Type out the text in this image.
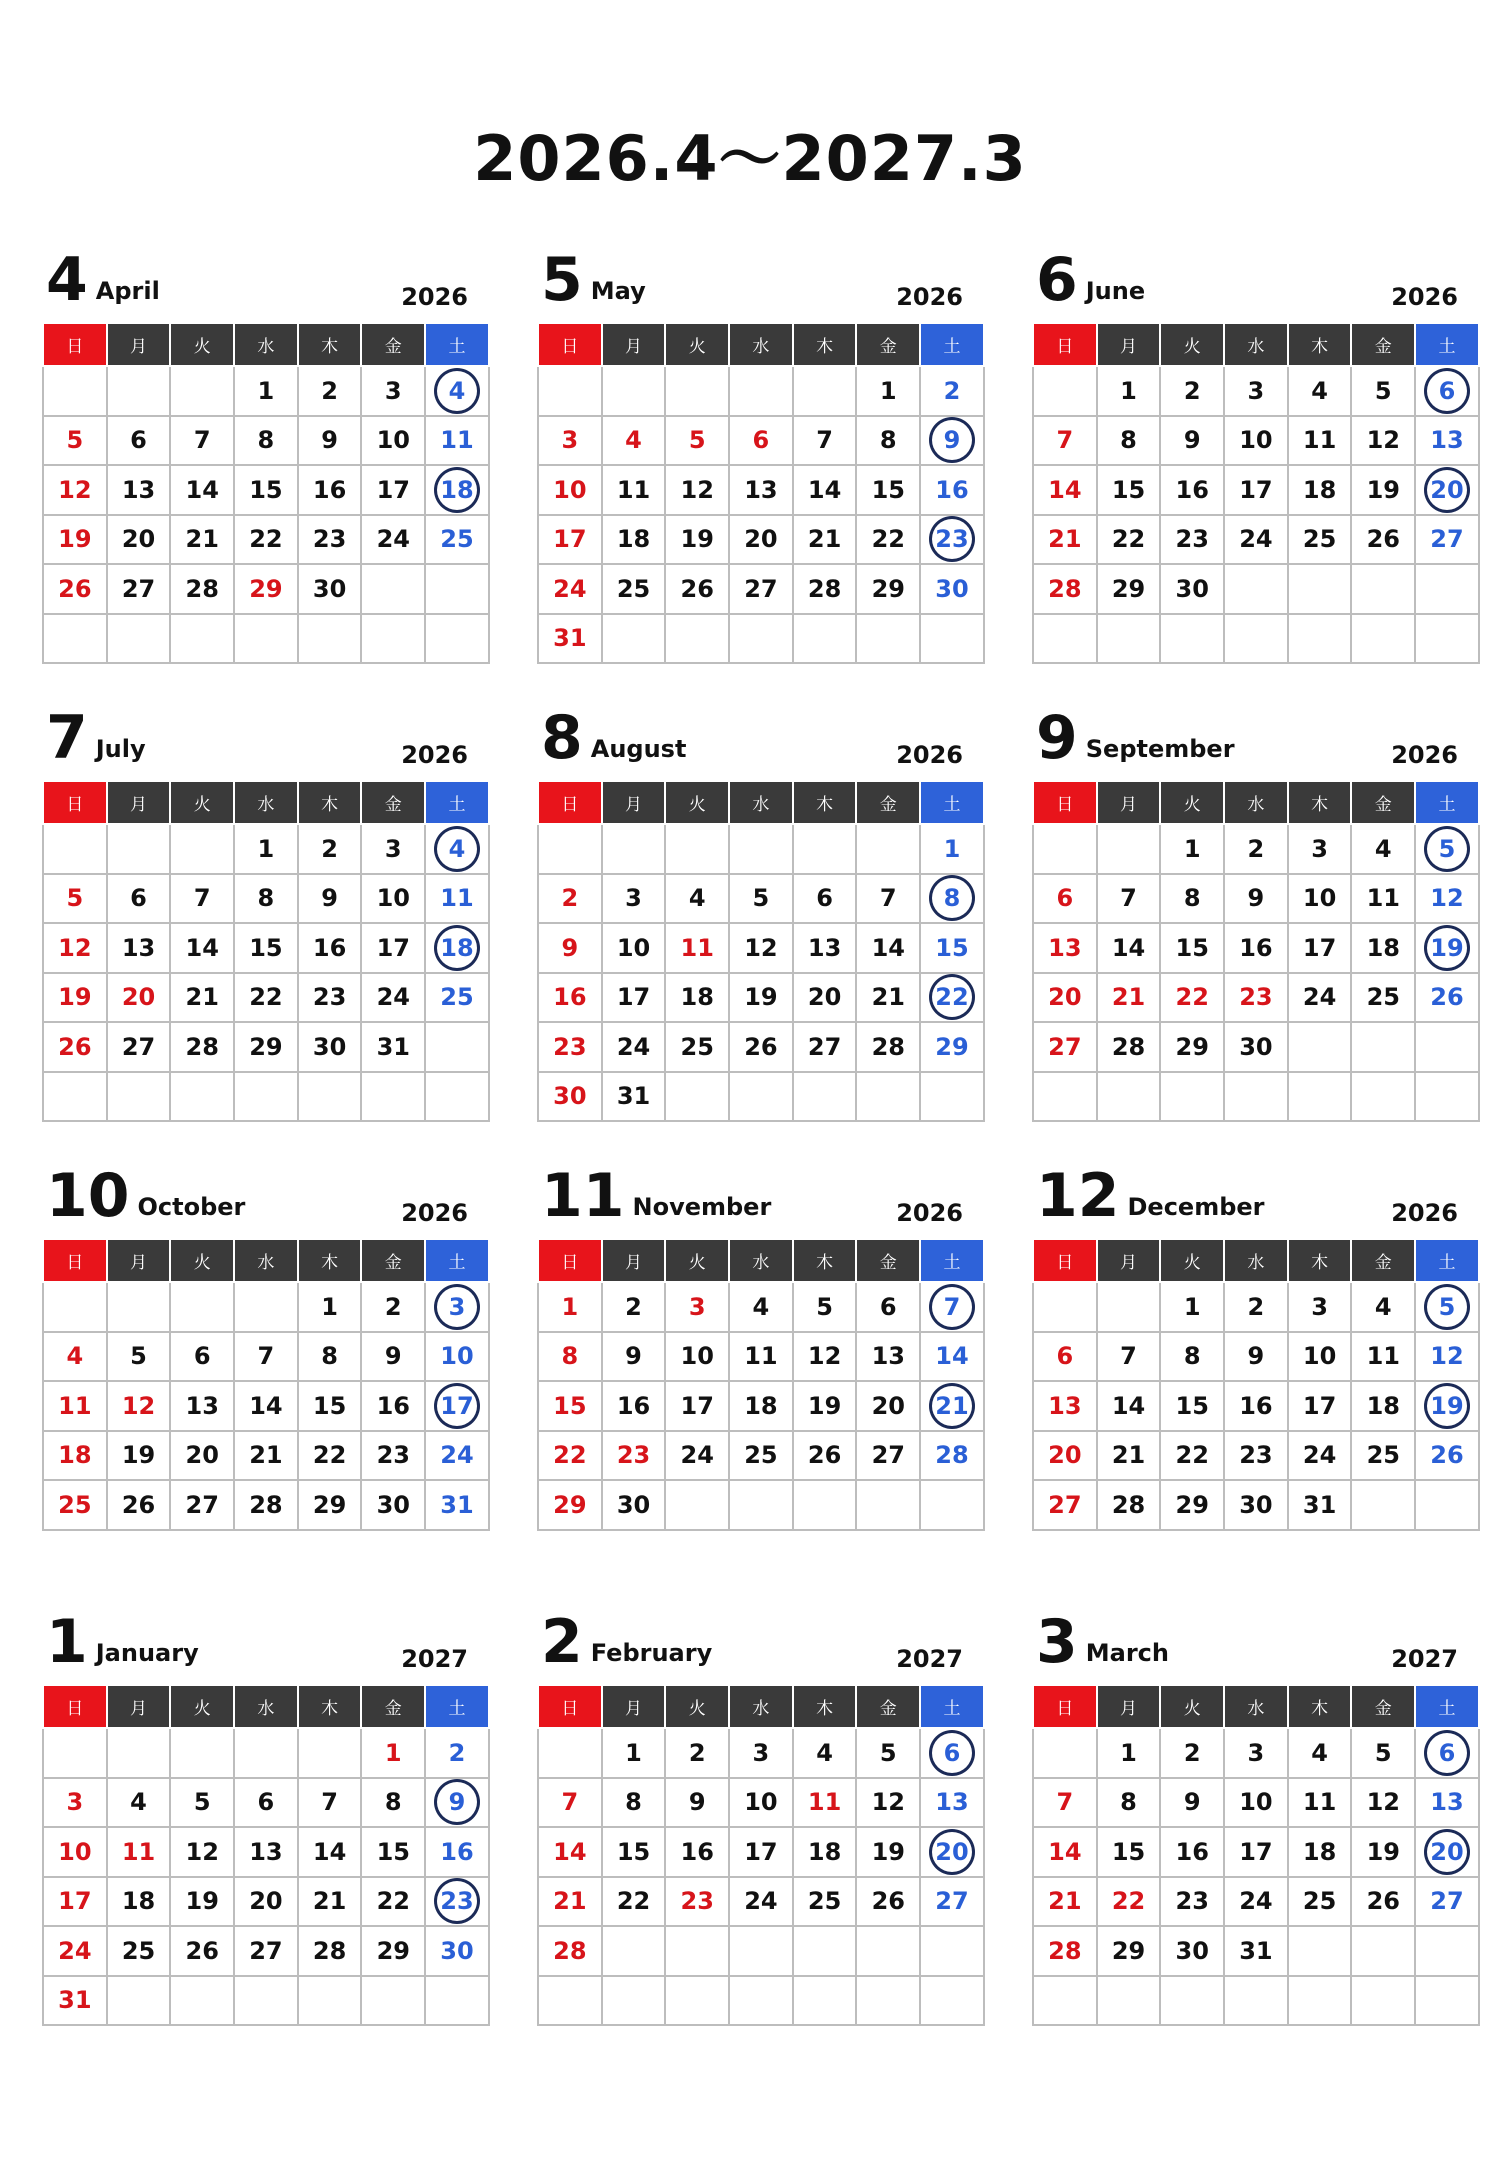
2026.4～2027.3
4 April	2026
日	月	火	水	木	金	土
			1	2	3	4
5	6	7	8	9	10	11
12	13	14	15	16	17	18
19	20	21	22	23	24	25
26	27	28	29	30		

5 May	2026
日	月	火	水	木	金	土
					1	2
3	4	5	6	7	8	9
10	11	12	13	14	15	16
17	18	19	20	21	22	23
24	25	26	27	28	29	30
31						
6 June	2026
日	月	火	水	木	金	土
	1	2	3	4	5	6
7	8	9	10	11	12	13
14	15	16	17	18	19	20
21	22	23	24	25	26	27
28	29	30				

7 July	2026
日	月	火	水	木	金	土
			1	2	3	4
5	6	7	8	9	10	11
12	13	14	15	16	17	18
19	20	21	22	23	24	25
26	27	28	29	30	31	

8 August	2026
日	月	火	水	木	金	土
						1
2	3	4	5	6	7	8
9	10	11	12	13	14	15
16	17	18	19	20	21	22
23	24	25	26	27	28	29
30	31					
9 September	2026
日	月	火	水	木	金	土
		1	2	3	4	5
6	7	8	9	10	11	12
13	14	15	16	17	18	19
20	21	22	23	24	25	26
27	28	29	30			

10 October	2026
日	月	火	水	木	金	土
				1	2	3
4	5	6	7	8	9	10
11	12	13	14	15	16	17
18	19	20	21	22	23	24
25	26	27	28	29	30	31
11 November	2026
日	月	火	水	木	金	土
1	2	3	4	5	6	7
8	9	10	11	12	13	14
15	16	17	18	19	20	21
22	23	24	25	26	27	28
29	30					
12 December	2026
日	月	火	水	木	金	土
		1	2	3	4	5
6	7	8	9	10	11	12
13	14	15	16	17	18	19
20	21	22	23	24	25	26
27	28	29	30	31		
1 January	2027
日	月	火	水	木	金	土
					1	2
3	4	5	6	7	8	9
10	11	12	13	14	15	16
17	18	19	20	21	22	23
24	25	26	27	28	29	30
31						
2 February	2027
日	月	火	水	木	金	土
	1	2	3	4	5	6
7	8	9	10	11	12	13
14	15	16	17	18	19	20
21	22	23	24	25	26	27
28						

3 March	2027
日	月	火	水	木	金	土
	1	2	3	4	5	6
7	8	9	10	11	12	13
14	15	16	17	18	19	20
21	22	23	24	25	26	27
28	29	30	31			
